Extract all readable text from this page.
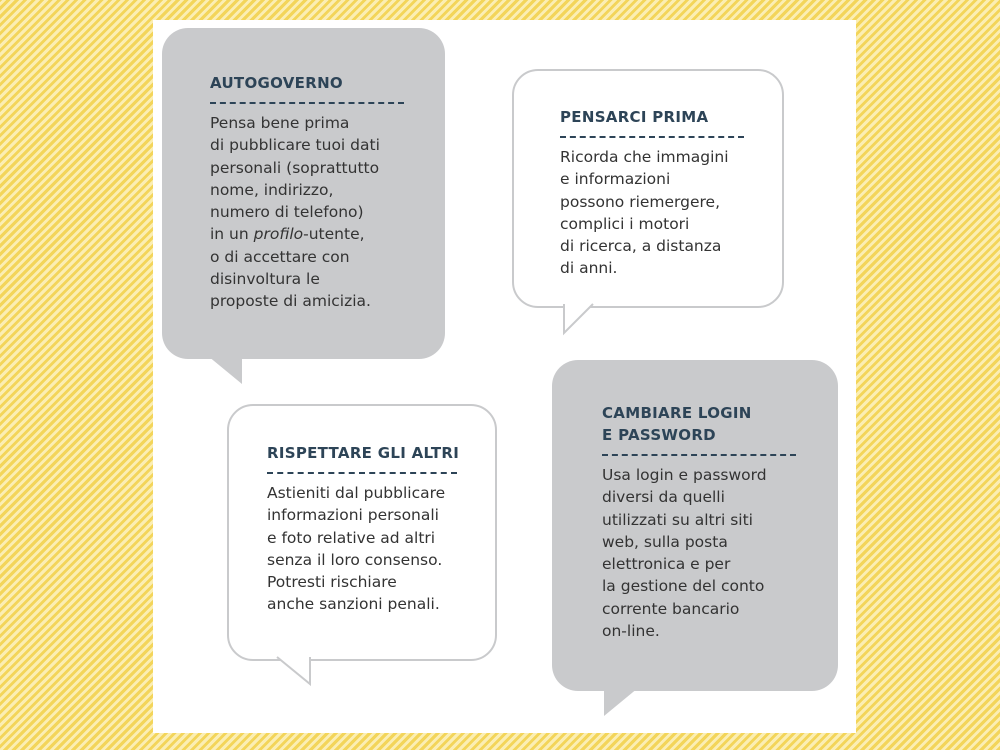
AUTOGOVERNO
Pensa bene prima
di pubblicare tuoi dati
personali (soprattutto
nome, indirizzo,
numero di telefono)
in un profilo-utente,
o di accettare con
disinvoltura le
proposte di amicizia.
PENSARCI PRIMA
Ricorda che immagini
e informazioni
possono riemergere,
complici i motori
di ricerca, a distanza
di anni.
RISPETTARE GLI ALTRI
Astieniti dal pubblicare
informazioni personali
e foto relative ad altri
senza il loro consenso.
Potresti rischiare
anche sanzioni penali.
CAMBIARE LOGIN
E PASSWORD
Usa login e password
diversi da quelli
utilizzati su altri siti
web, sulla posta
elettronica e per
la gestione del conto
corrente bancario
on-line.
